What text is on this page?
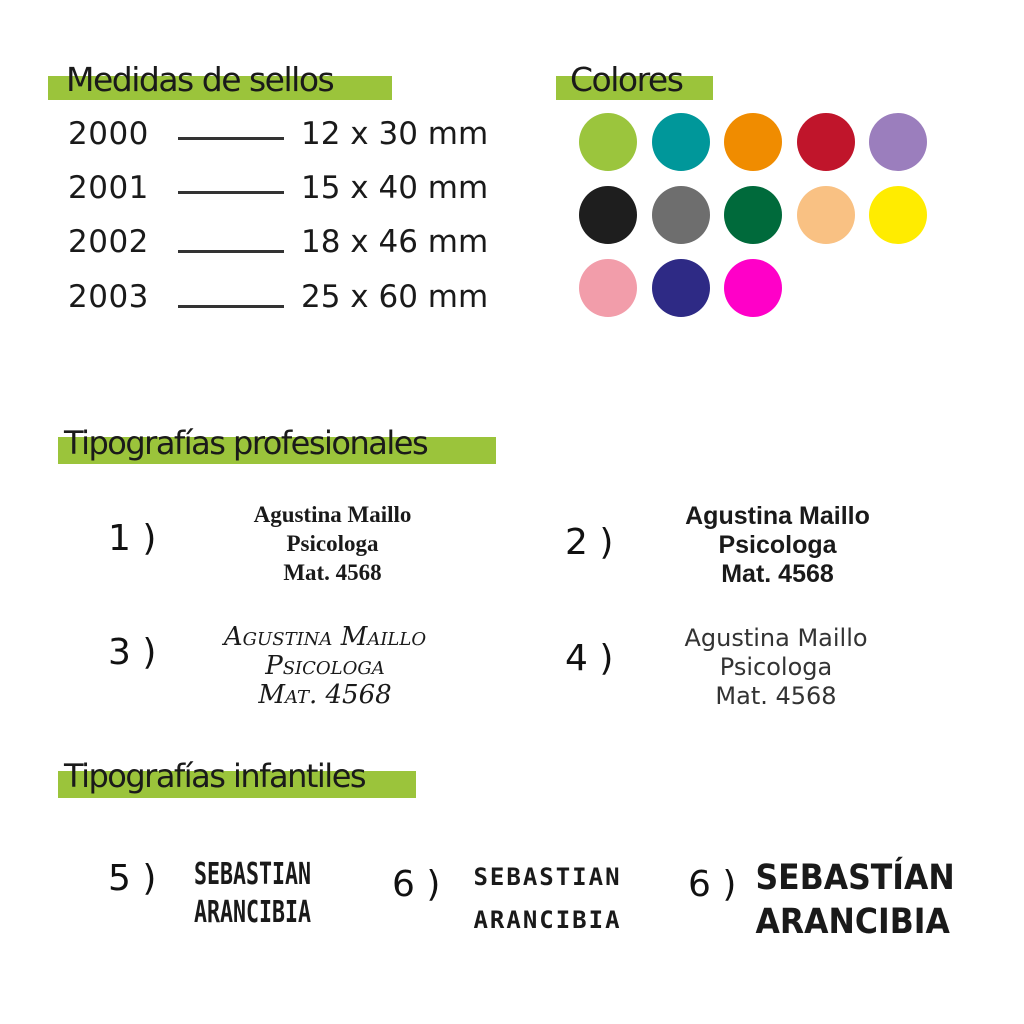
Medidas de sellos
2000	12 x 30 mm
2001	15 x 40 mm
2002	18 x 46 mm
2003	25 x 60 mm
Colores
Tipografías profesionales
1 )
Agustina Maillo
Psicologa
Mat. 4568
2 )
Agustina Maillo
Psicologa
Mat. 4568
3 )	Agustina Maillo
Psicologa
Mat. 4568
4 )	Agustina Maillo
Psicologa
Mat. 4568
Tipografías infantiles
5 ) SEBASTIAN
ARANCIBIA
6 )	SEBASTIAN
ARANCIBIA
6 ) SEBASTÍAN
ARANCIBIA
